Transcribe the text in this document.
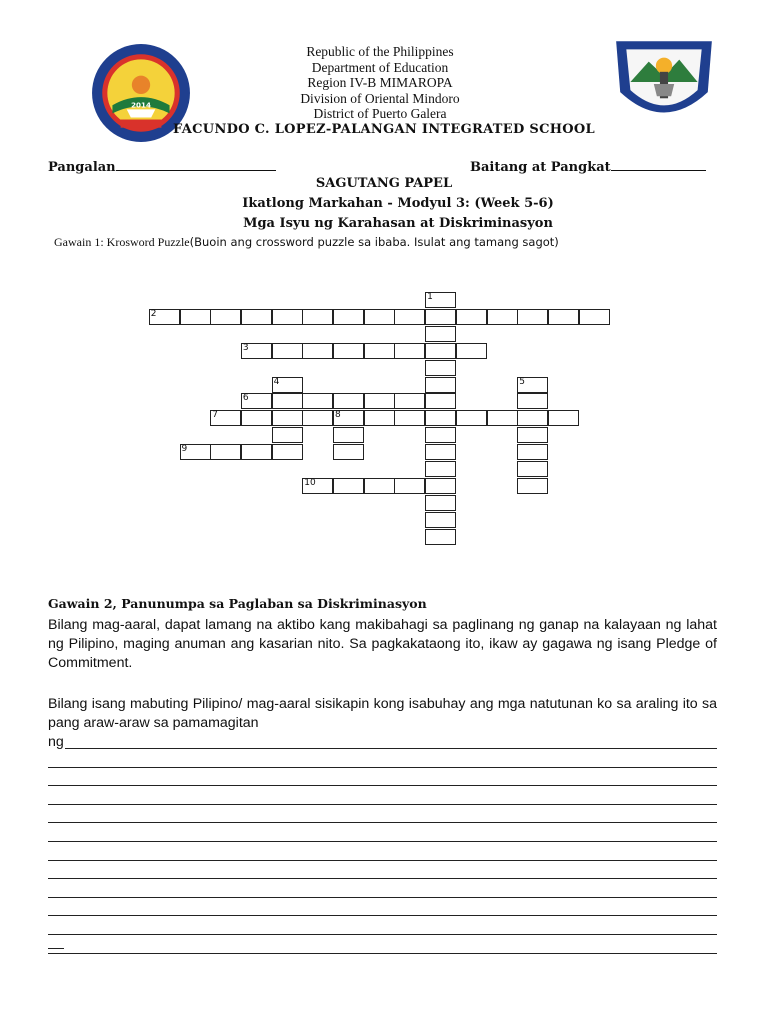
2014
Republic of the Philippines
Department of Education
Region IV-B MIMAROPA
Division of Oriental Mindoro
District of Puerto Galera
FACUNDO C. LOPEZ-PALANGAN INTEGRATED SCHOOL
Pangalan	Baitang at Pangkat
SAGUTANG PAPEL
Ikatlong Markahan - Modyul 3: (Week 5-6)
Mga Isyu ng Karahasan at Diskriminasyon
Gawain 1: Krosword Puzzle(Buoin ang crossword puzzle sa ibaba. Isulat ang tamang sagot)
1
2
3
4	5
6
7	8
9
10
Gawain 2, Panunumpa sa Paglaban sa Diskriminasyon
Bilang mag-aaral, dapat lamang na aktibo kang makibahagi sa paglinang ng ganap na kalayaan ng lahat ng Pilipino, maging anuman ang kasarian nito. Sa pagkakataong ito, ikaw ay gagawa ng isang Pledge of Commitment.
Bilang isang mabuting Pilipino/ mag-aaral sisikapin kong isabuhay ang mga natutunan ko sa araling ito sa pang araw-araw sa pamamagitan
ng
